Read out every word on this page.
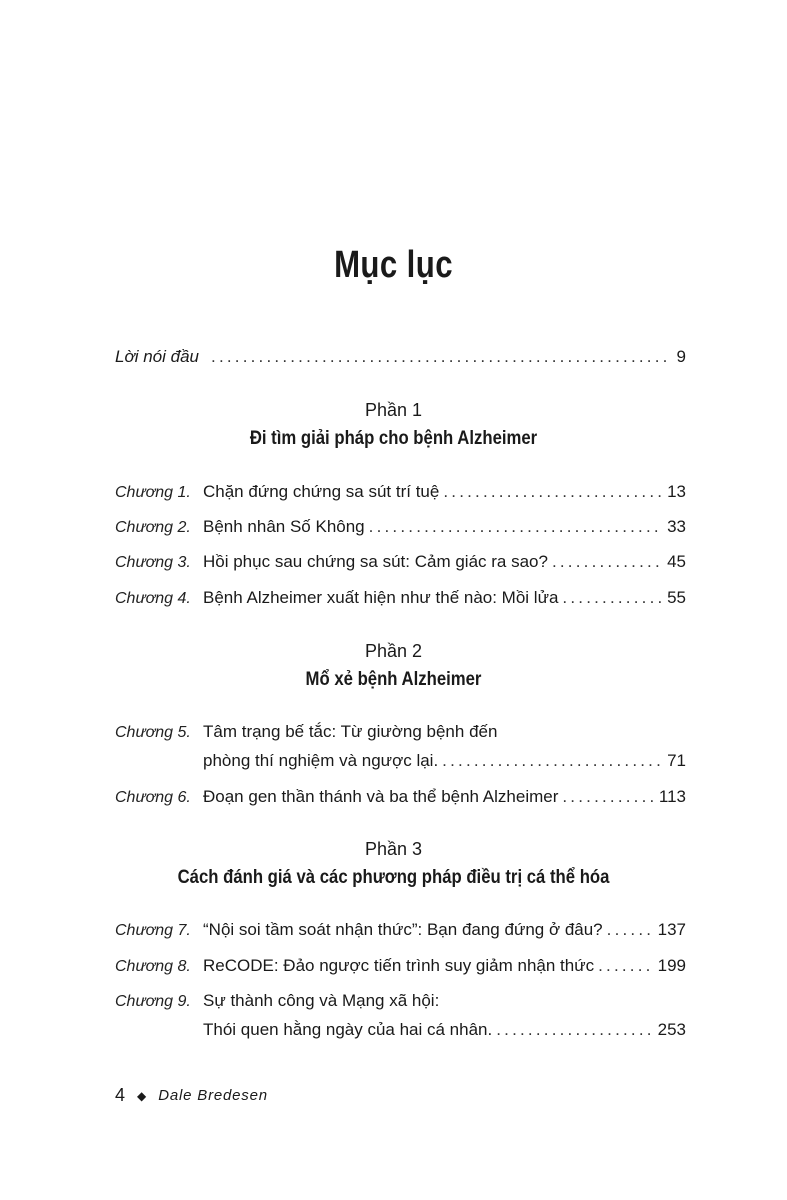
Mục lục
Lời nói đầu .....	9
Phần 1
Đi tìm giải pháp cho bệnh Alzheimer
Chương 1. Chặn đứng chứng sa sút trí tuệ .....	13
Chương 2. Bệnh nhân Số Không .....	33
Chương 3. Hồi phục sau chứng sa sút: Cảm giác ra sao? .....	45
Chương 4. Bệnh Alzheimer xuất hiện như thế nào: Mồi lửa .....	55
Phần 2
Mổ xẻ bệnh Alzheimer
Chương 5. Tâm trạng bế tắc: Từ giường bệnh đến
phòng thí nghiệm và ngược lại. .....	71
Chương 6. Đoạn gen thần thánh và ba thể bệnh Alzheimer .....	113
Phần 3
Cách đánh giá và các phương pháp điều trị cá thể hóa
Chương 7. “Nội soi tầm soát nhận thức”: Bạn đang đứng ở đâu? .....	137
Chương 8. ReCODE: Đảo ngược tiến trình suy giảm nhận thức .....	199
Chương 9. Sự thành công và Mạng xã hội:
Thói quen hằng ngày của hai cá nhân. .....	253
4 ◆ Dale Bredesen
